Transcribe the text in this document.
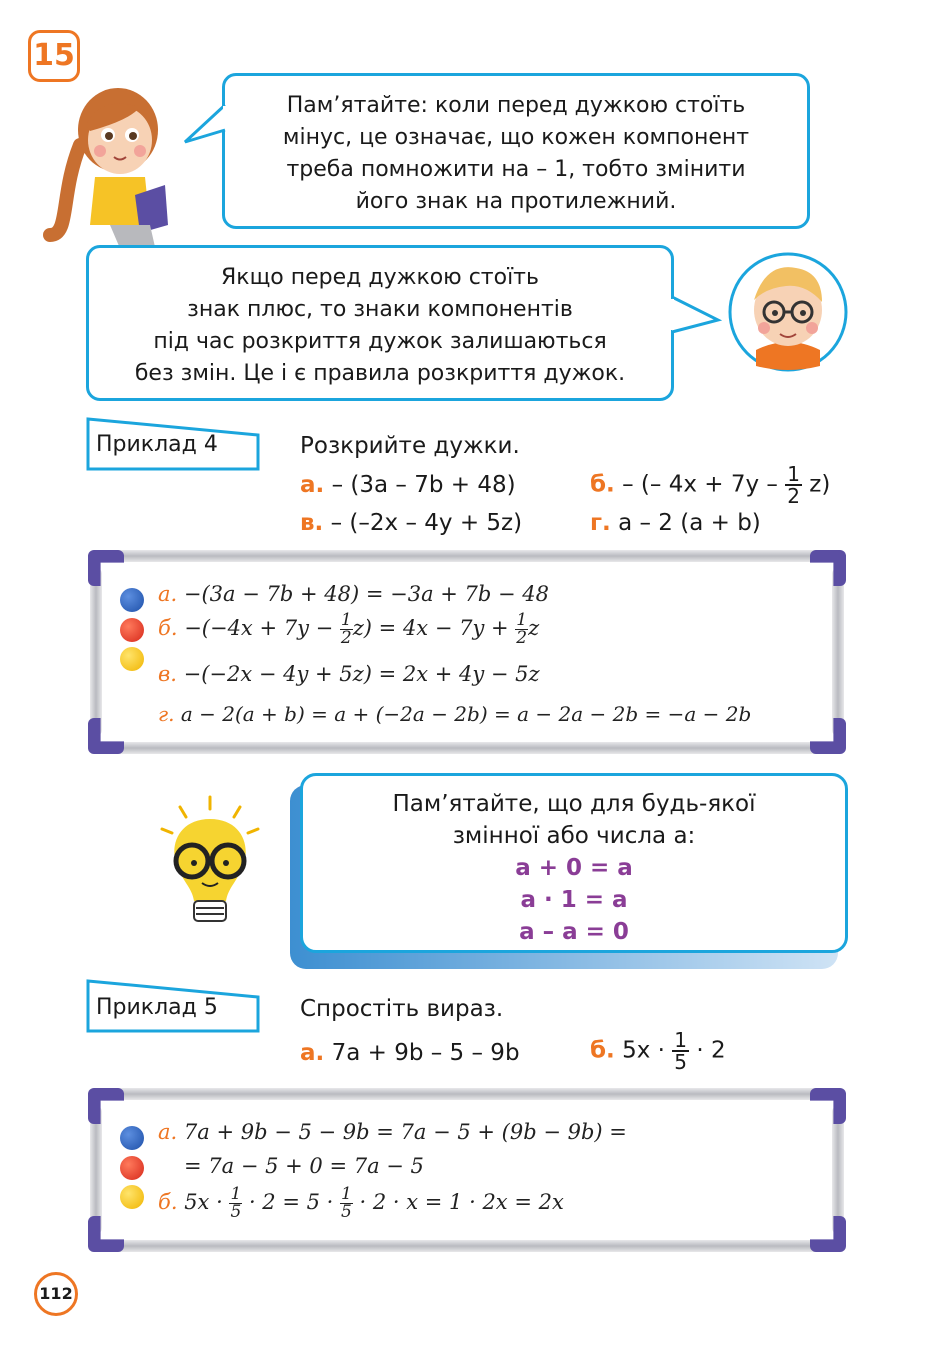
15
Пам’ятайте: коли перед дужкою стоїть
мінус, це означає, що кожен компонент
треба помножити на – 1, тобто змінити
його знак на протилежний.
Якщо перед дужкою стоїть
знак плюс, то знаки компонентів
під час розкриття дужок залишаються
без змін. Це і є правила розкриття дужок.
Приклад 4	Розкрийте дужки.
а. – (3a – 7b + 48)	б. – (– $4x + 7y - \frac{1}{2} z$)
в. – (–2x – 4y + 5z)	г. a – 2 (a + b)
а. −(3a − 7b + 48) = −3a + 7b − 48
б. $-(-4x + 7y - \frac{1}{2} z) = 4x - 7y + \frac{1}{2}$ z
в. −(−2x − 4y + 5z) = 2x + 4y − 5z
г. a − 2(a + b) = a + (−2a − 2b) = a − 2a − 2b = −a − 2b
Пам’ятайте, що для будь-якої
змінної або числа a:
a + 0 = a
a · 1 = a
a – a = 0
Приклад 5	Спростіть вираз.
а. 7a + 9b – 5 – 9b	б. $5x \cdot \frac{1}{5} \cdot 2$
а. 7a + 9b − 5 − 9b = 7a − 5 + (9b − 9b) =
= 7a − 5 + 0 = 7a − 5
б. $5x \cdot \frac{1}{5} \cdot 2 = 5 \cdot \frac{1}{5} \cdot 2 \cdot x = 1 \cdot 2x = 2x$
112
